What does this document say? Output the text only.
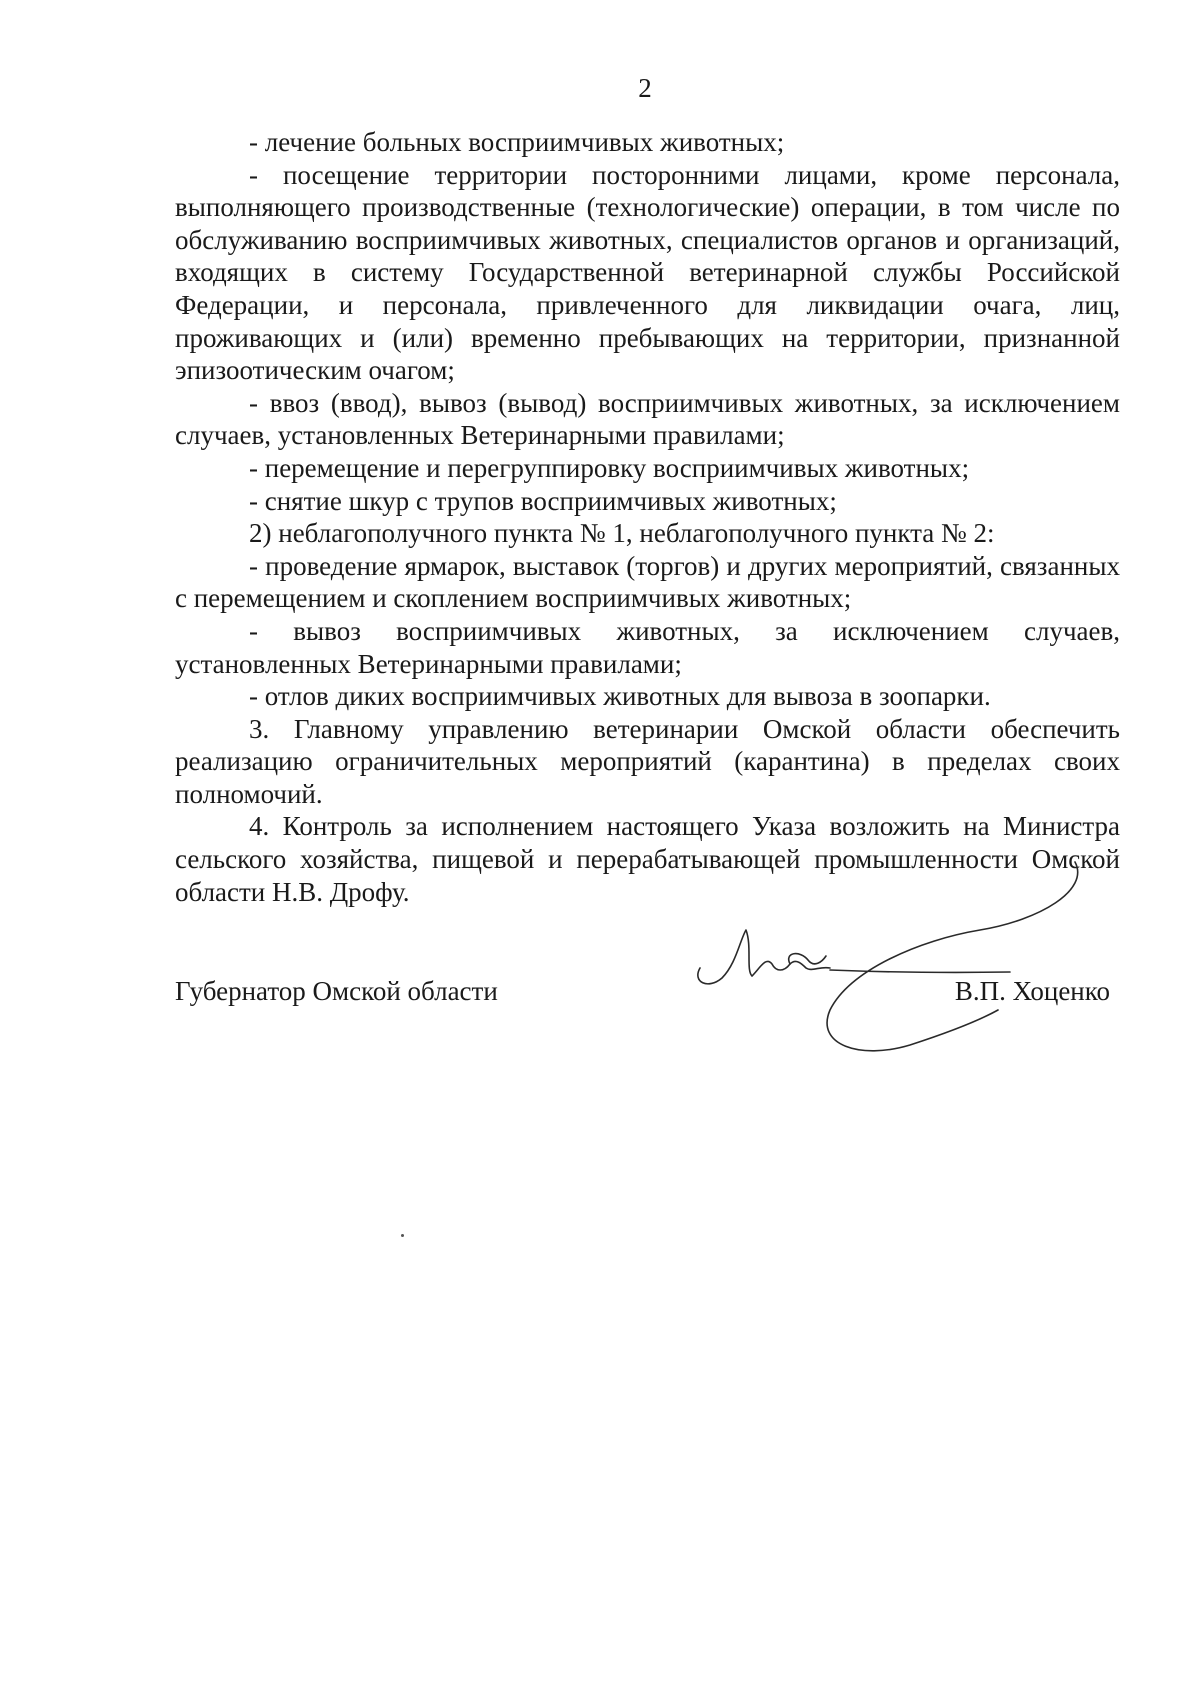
2

- лечение больных восприимчивых животных;

- посещение территории посторонними лицами, кроме персонала, выполняющего производственные (технологические) операции, в том числе по обслуживанию восприимчивых животных, специалистов органов и организаций, входящих в систему Государственной ветеринарной службы Российской Федерации, и персонала, привлеченного для ликвидации очага, лиц, проживающих и (или) временно пребывающих на территории, признанной эпизоотическим очагом;

- ввоз (ввод), вывоз (вывод) восприимчивых животных, за исключением случаев, установленных Ветеринарными правилами;

- перемещение и перегруппировку восприимчивых животных;

- снятие шкур с трупов восприимчивых животных;

2) неблагополучного пункта № 1, неблагополучного пункта № 2:

- проведение ярмарок, выставок (торгов) и других мероприятий, связанных с перемещением и скоплением восприимчивых животных;

- вывоз восприимчивых животных, за исключением случаев, установленных Ветеринарными правилами;

- отлов диких восприимчивых животных для вывоза в зоопарки.

3. Главному управлению ветеринарии Омской области обеспечить реализацию ограничительных мероприятий (карантина) в пределах своих полномочий.

4. Контроль за исполнением настоящего Указа возложить на Министра сельского хозяйства, пищевой и перерабатывающей промышленности Омской области Н.В. Дрофу.

Губернатор Омской области	В.П. Хоценко
